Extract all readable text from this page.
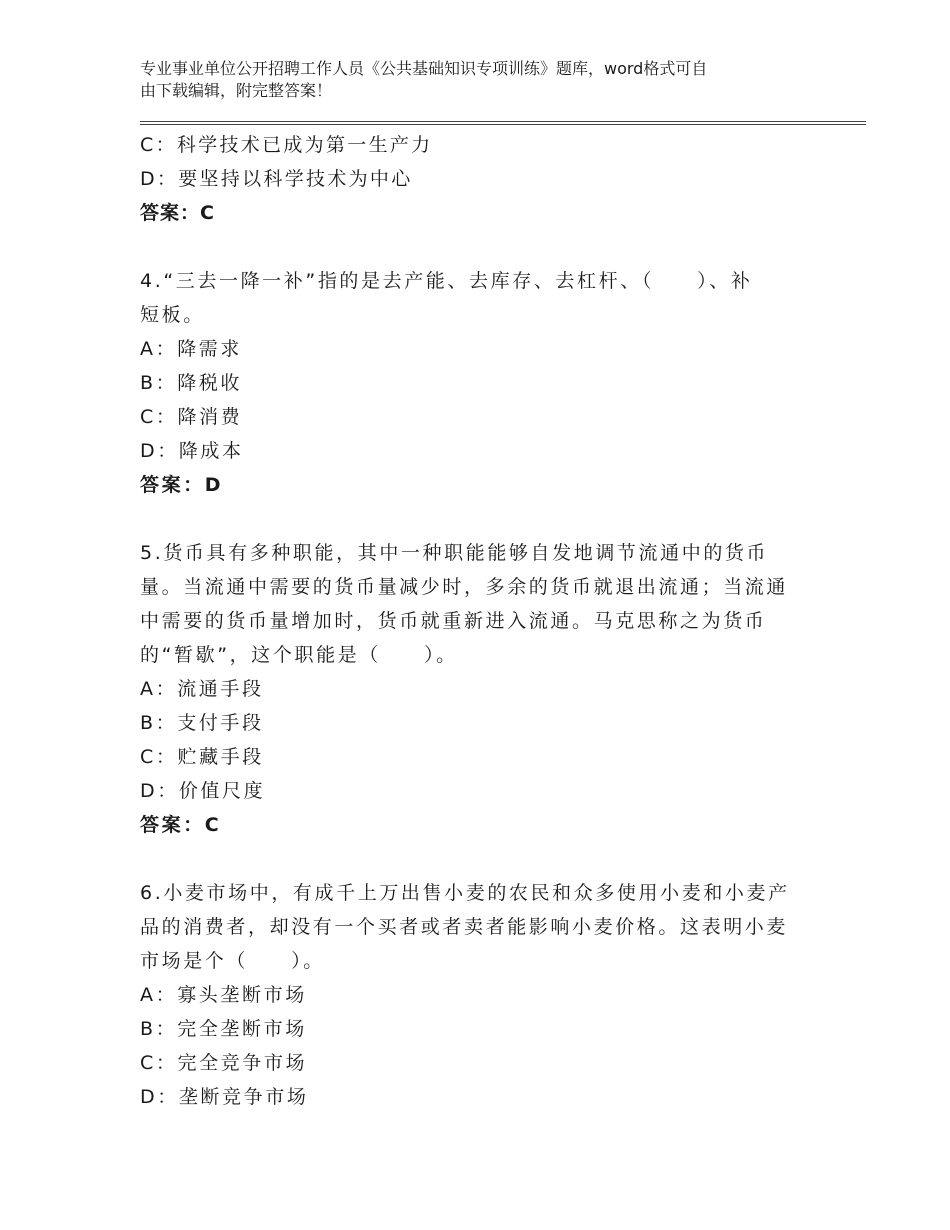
专业事业单位公开招聘工作人员《公共基础知识专项训练》题库，word格式可自
由下载编辑，附完整答案！
C：科学技术已成为第一生产力
D：要坚持以科学技术为中心
答案：C
4.“三去一降一补”指的是去产能、去库存、去杠杆、（　　）、补
短板。
A：降需求
B：降税收
C：降消费
D：降成本
答案：D
5.货币具有多种职能，其中一种职能能够自发地调节流通中的货币
量。当流通中需要的货币量减少时，多余的货币就退出流通；当流通
中需要的货币量增加时，货币就重新进入流通。马克思称之为货币
的“暂歇”，这个职能是（　　）。
A：流通手段
B：支付手段
C：贮藏手段
D：价值尺度
答案：C
6.小麦市场中，有成千上万出售小麦的农民和众多使用小麦和小麦产
品的消费者，却没有一个买者或者卖者能影响小麦价格。这表明小麦
市场是个（　　）。
A：寡头垄断市场
B：完全垄断市场
C：完全竞争市场
D：垄断竞争市场
